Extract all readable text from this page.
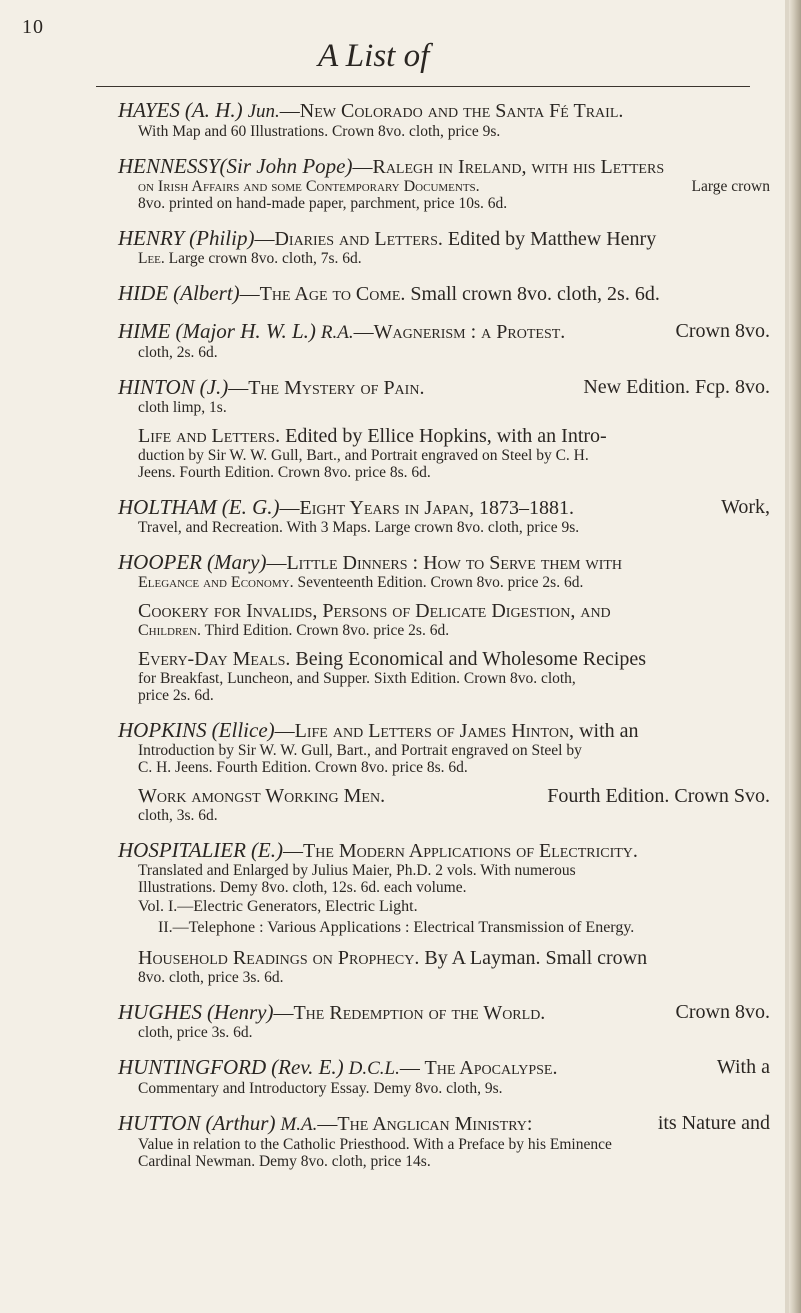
10
A List of
HAYES (A. H.) Jun.—New Colorado and the Santa Fé Trail.
With Map and 60 Illustrations. Crown 8vo. cloth, price 9s.
HENNESSY(Sir John Pope)—Ralegh in Ireland, with his Letters
on Irish Affairs and some Contemporary Documents.	Large crown
8vo. printed on hand-made paper, parchment, price 10s. 6d.
HENRY (Philip)—Diaries and Letters. Edited by Matthew Henry
Lee. Large crown 8vo. cloth, 7s. 6d.
HIDE (Albert)—The Age to Come. Small crown 8vo. cloth, 2s. 6d.
HIME (Major H. W. L.) R.A.—Wagnerism : a Protest.	Crown 8vo.
cloth, 2s. 6d.
HINTON (J.)—The Mystery of Pain.	New Edition. Fcp. 8vo.
cloth limp, 1s.
Life and Letters. Edited by Ellice Hopkins, with an Intro-
duction by Sir W. W. Gull, Bart., and Portrait engraved on Steel by C. H.
Jeens. Fourth Edition. Crown 8vo. price 8s. 6d.
HOLTHAM (E. G.)—Eight Years in Japan, 1873–1881.	Work,
Travel, and Recreation. With 3 Maps. Large crown 8vo. cloth, price 9s.
HOOPER (Mary)—Little Dinners : How to Serve them with
Elegance and Economy. Seventeenth Edition. Crown 8vo. price 2s. 6d.
Cookery for Invalids, Persons of Delicate Digestion, and
Children. Third Edition. Crown 8vo. price 2s. 6d.
Every-Day Meals. Being Economical and Wholesome Recipes
for Breakfast, Luncheon, and Supper. Sixth Edition. Crown 8vo. cloth,
price 2s. 6d.
HOPKINS (Ellice)—Life and Letters of James Hinton, with an
Introduction by Sir W. W. Gull, Bart., and Portrait engraved on Steel by
C. H. Jeens. Fourth Edition. Crown 8vo. price 8s. 6d.
Work amongst Working Men.	Fourth Edition. Crown Svo.
cloth, 3s. 6d.
HOSPITALIER (E.)—The Modern Applications of Electricity.
Translated and Enlarged by Julius Maier, Ph.D. 2 vols. With numerous
Illustrations. Demy 8vo. cloth, 12s. 6d. each volume.
Vol. I.—Electric Generators, Electric Light.
II.—Telephone : Various Applications : Electrical Transmission of Energy.
Household Readings on Prophecy. By A Layman. Small crown
8vo. cloth, price 3s. 6d.
HUGHES (Henry)—The Redemption of the World.	Crown 8vo.
cloth, price 3s. 6d.
HUNTINGFORD (Rev. E.) D.C.L.— The Apocalypse.	With a
Commentary and Introductory Essay. Demy 8vo. cloth, 9s.
HUTTON (Arthur) M.A.—The Anglican Ministry:	its Nature and
Value in relation to the Catholic Priesthood. With a Preface by his Eminence
Cardinal Newman. Demy 8vo. cloth, price 14s.
